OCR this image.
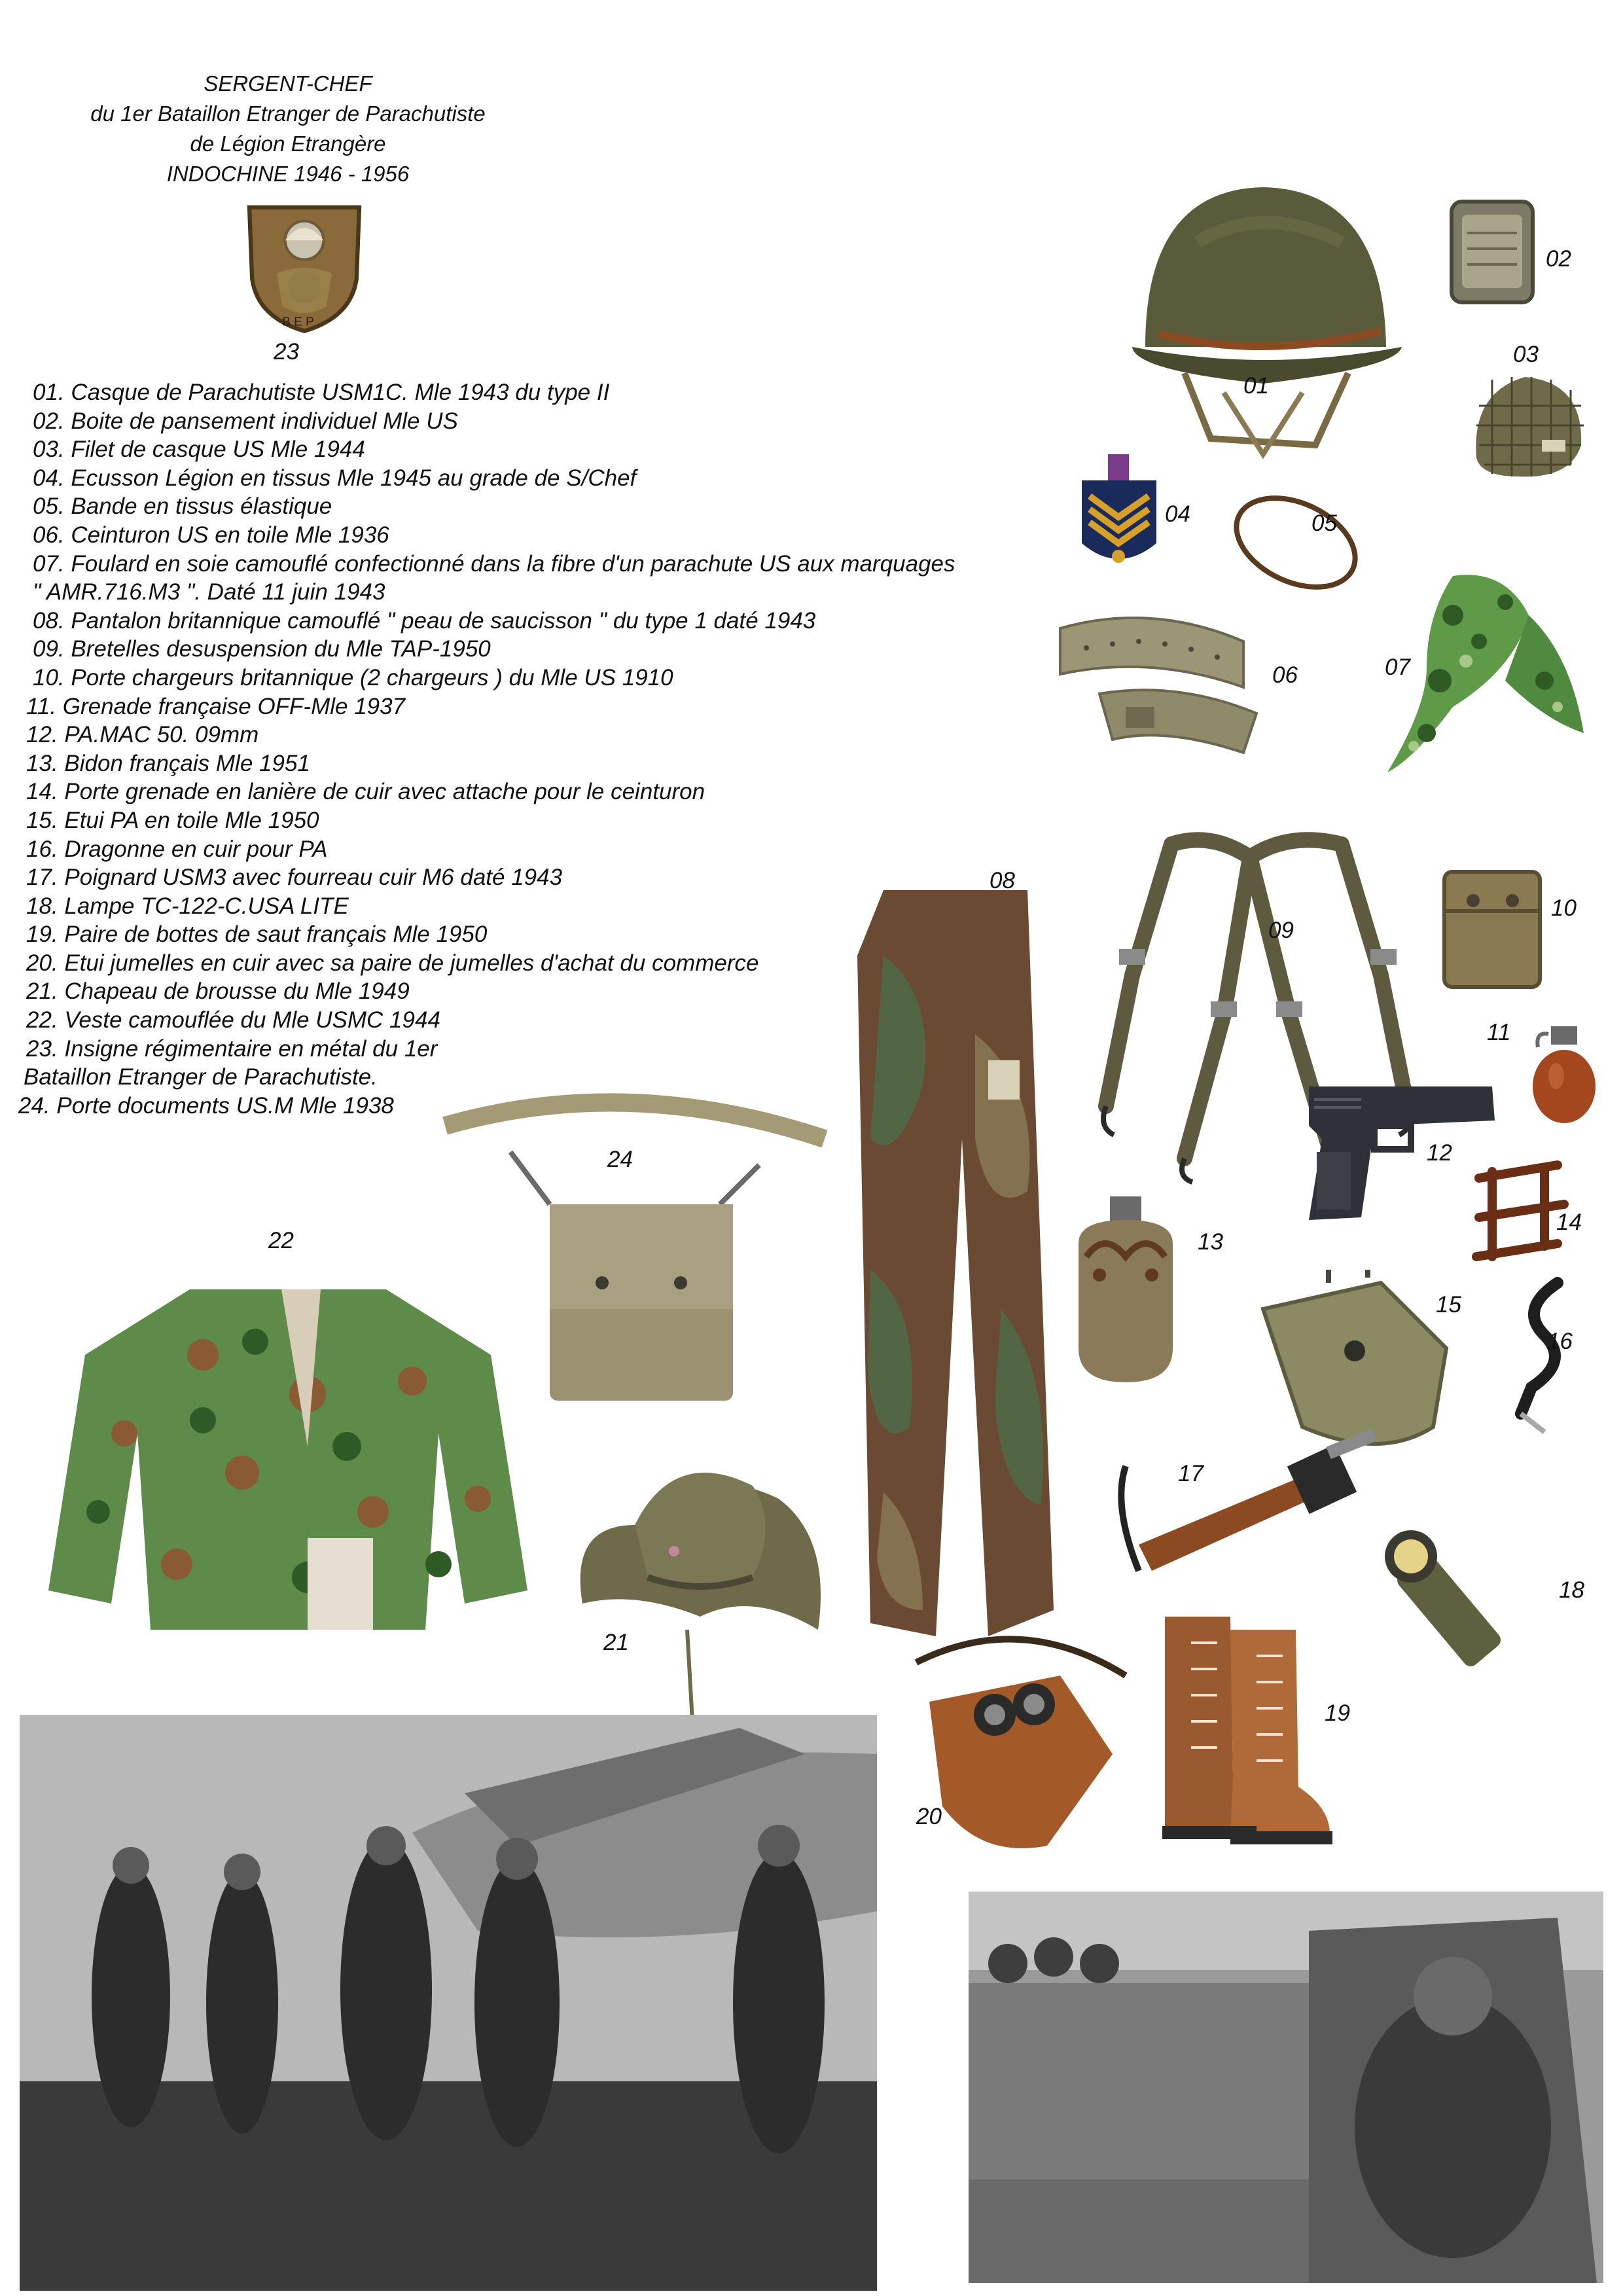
SERGENT-CHEF
du 1er Bataillon Etranger de Parachutiste
de Légion Etrangère
INDOCHINE 1946 - 1956
B E P
23
01. Casque de Parachutiste USM1C. Mle 1943 du type II
02. Boite de pansement individuel Mle US
03. Filet de casque US Mle 1944
04. Ecusson Légion en tissus Mle 1945 au grade de S/Chef
05. Bande en tissus élastique
06. Ceinturon US en toile Mle 1936
07. Foulard en soie camouflé confectionné dans la fibre d'un parachute US aux marquages
" AMR.716.M3 ". Daté 11 juin 1943
08. Pantalon britannique camouflé " peau de saucisson " du type 1 daté 1943
09. Bretelles desuspension du Mle TAP-1950
10. Porte chargeurs britannique (2 chargeurs ) du Mle US 1910
11. Grenade française OFF-Mle 1937
12. PA.MAC 50. 09mm
13. Bidon français Mle 1951
14. Porte grenade en lanière de cuir avec attache pour le ceinturon
15. Etui PA en toile Mle 1950
16. Dragonne en cuir pour PA
17. Poignard USM3 avec fourreau cuir M6 daté 1943
18. Lampe TC-122-C.USA LITE
19. Paire de bottes de saut français Mle 1950
20. Etui jumelles en cuir avec sa paire de jumelles d'achat du commerce
21. Chapeau de brousse du Mle 1949
22. Veste camouflée du Mle USMC 1944
23. Insigne régimentaire en métal du 1er
Bataillon Etranger de Parachutiste.
24. Porte documents US.M Mle 1938
01
02
03
04	05
06	07
08
09
10
11
12
13
14
15
16
17
18
19
20
21
22
24
